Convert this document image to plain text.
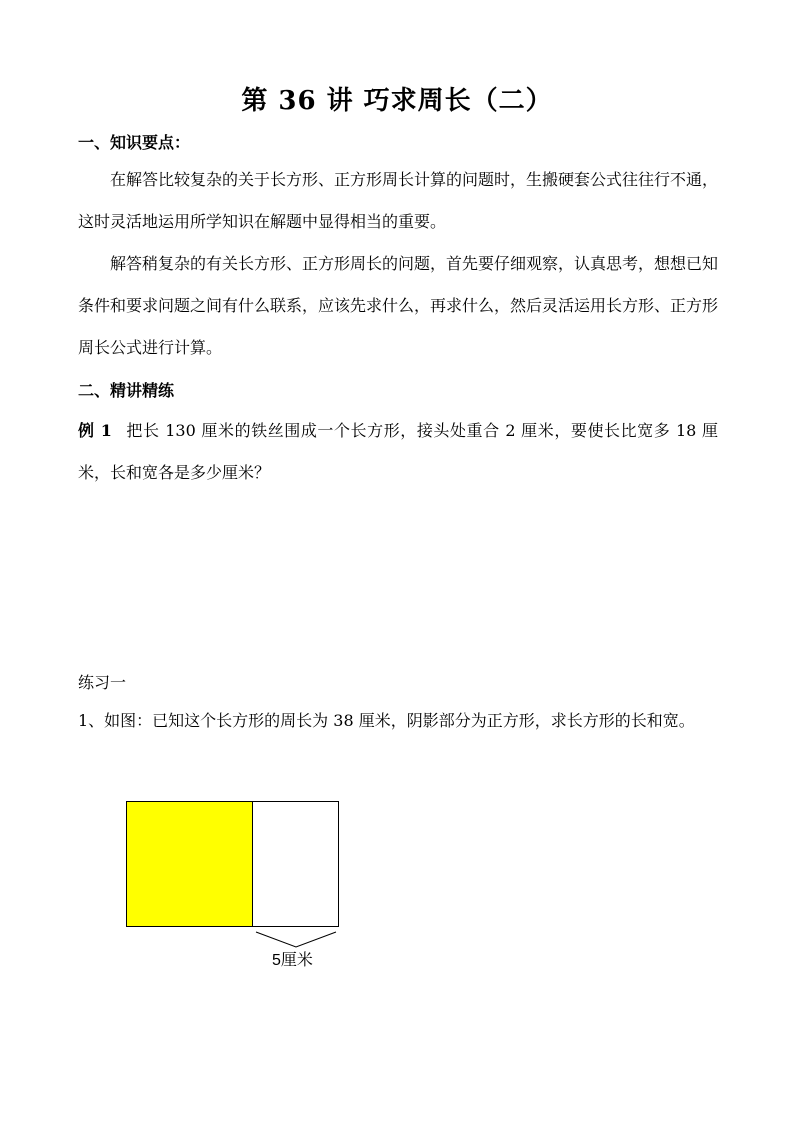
第 36 讲 巧求周长（二）
一、知识要点：
在解答比较复杂的关于长方形、正方形周长计算的问题时，生搬硬套公式往往行不通，这时灵活地运用所学知识在解题中显得相当的重要。
解答稍复杂的有关长方形、正方形周长的问题，首先要仔细观察，认真思考，想想已知条件和要求问题之间有什么联系，应该先求什么，再求什么，然后灵活运用长方形、正方形周长公式进行计算。
二、精讲精练
例 1 把长 130 厘米的铁丝围成一个长方形，接头处重合 2 厘米，要使长比宽多 18 厘米，长和宽各是多少厘米？
练习一
1、如图：已知这个长方形的周长为 38 厘米，阴影部分为正方形，求长方形的长和宽。
5厘米
